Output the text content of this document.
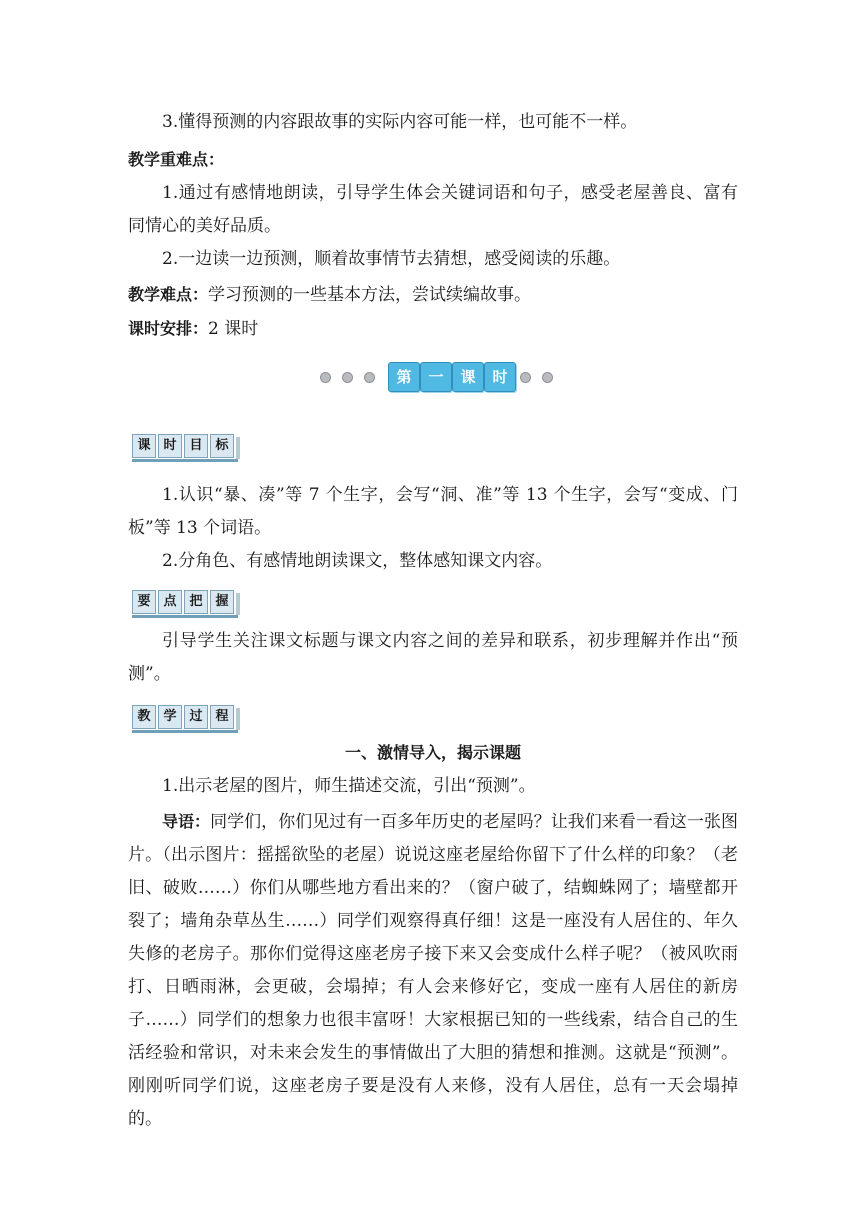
3.懂得预测的内容跟故事的实际内容可能一样，也可能不一样。

教学重难点：

1.通过有感情地朗读，引导学生体会关键词语和句子，感受老屋善良、富有同情心的美好品质。

2.一边读一边预测，顺着故事情节去猜想，感受阅读的乐趣。

教学难点：学习预测的一些基本方法，尝试续编故事。

课时安排：2 课时

第	一	课	时
课 时 目 标

1.认识“暴、凑”等 7 个生字，会写“洞、准”等 13 个生字，会写“变成、门板”等 13 个词语。

2.分角色、有感情地朗读课文，整体感知课文内容。

要 点 把 握

引导学生关注课文标题与课文内容之间的差异和联系，初步理解并作出“预测”。

教 学 过 程
一、激情导入，揭示课题

1.出示老屋的图片，师生描述交流，引出“预测”。

导语：同学们，你们见过有一百多年历史的老屋吗？让我们来看一看这一张图片。（出示图片：摇摇欲坠的老屋）说说这座老屋给你留下了什么样的印象？（老旧、破败……）你们从哪些地方看出来的？（窗户破了，结蜘蛛网了；墙壁都开裂了；墙角杂草丛生……）同学们观察得真仔细！这是一座没有人居住的、年久失修的老房子。那你们觉得这座老房子接下来又会变成什么样子呢？（被风吹雨打、日晒雨淋，会更破，会塌掉；有人会来修好它，变成一座有人居住的新房子……）同学们的想象力也很丰富呀！大家根据已知的一些线索，结合自己的生活经验和常识，对未来会发生的事情做出了大胆的猜想和推测。这就是“预测”。刚刚听同学们说，这座老房子要是没有人来修，没有人居住，总有一天会塌掉的。
